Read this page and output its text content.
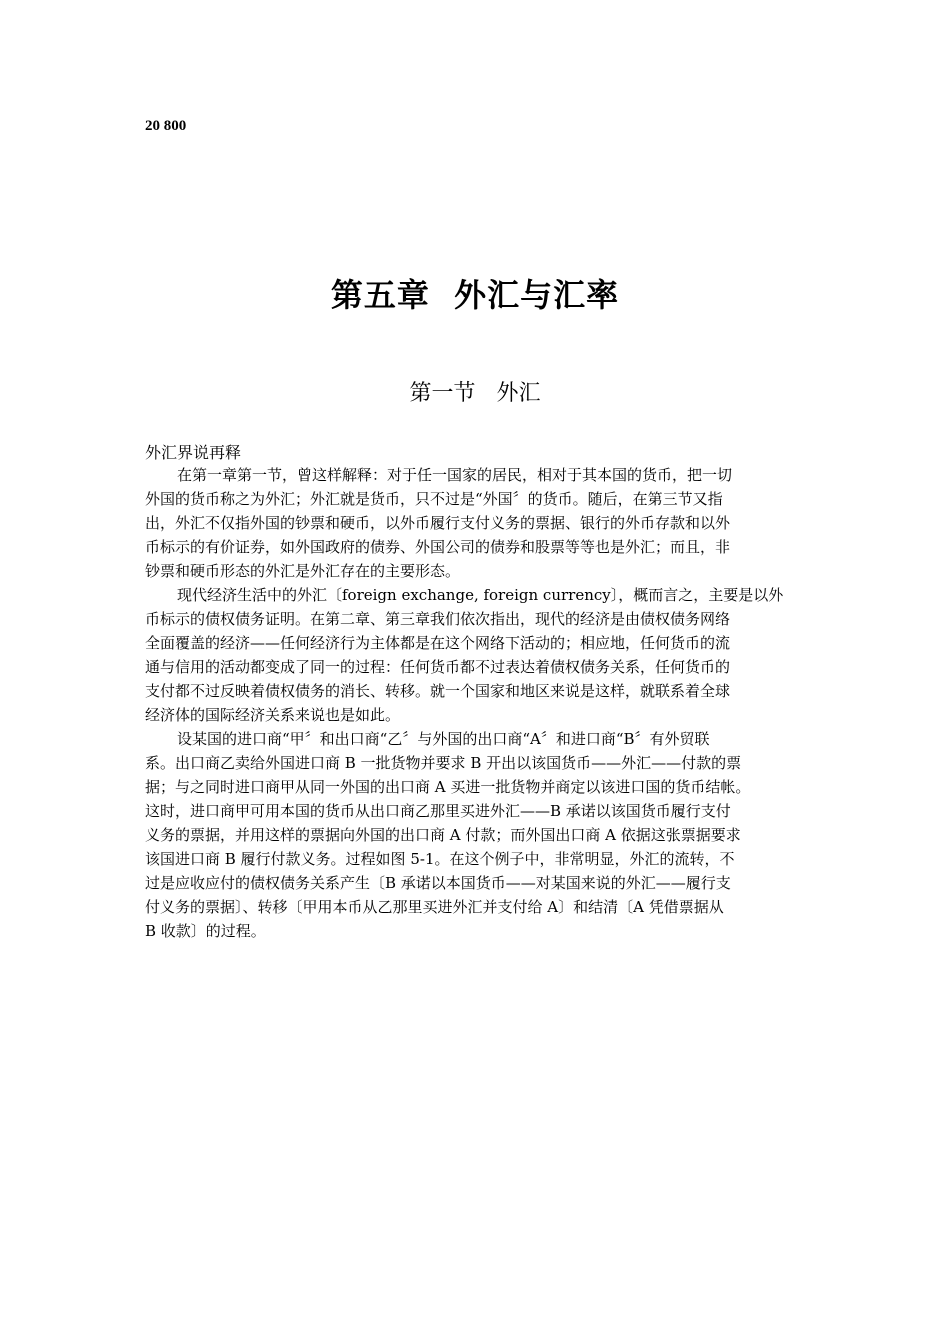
20 800
第五章  外汇与汇率
第一节   外汇
外汇界说再释
在第一章第一节，曾这样解释：对于任一国家的居民，相对于其本国的货币，把一切
外国的货币称之为外汇；外汇就是货币，只不过是“外国〞的货币。随后，在第三节又指
出，外汇不仅指外国的钞票和硬币，以外币履行支付义务的票据、银行的外币存款和以外
币标示的有价证券，如外国政府的债券、外国公司的债券和股票等等也是外汇；而且，非
钞票和硬币形态的外汇是外汇存在的主要形态。
现代经济生活中的外汇〔foreign exchange, foreign currency〕，概而言之，主要是以外
币标示的债权债务证明。在第二章、第三章我们依次指出，现代的经济是由债权债务网络
全面覆盖的经济——任何经济行为主体都是在这个网络下活动的；相应地，任何货币的流
通与信用的活动都变成了同一的过程：任何货币都不过表达着债权债务关系，任何货币的
支付都不过反映着债权债务的消长、转移。就一个国家和地区来说是这样，就联系着全球
经济体的国际经济关系来说也是如此。
设某国的进口商“甲〞和出口商“乙〞与外国的出口商“A〞和进口商“B〞有外贸联
系。出口商乙卖给外国进口商 B 一批货物并要求 B 开出以该国货币——外汇——付款的票
据；与之同时进口商甲从同一外国的出口商 A 买进一批货物并商定以该进口国的货币结帐。
这时，进口商甲可用本国的货币从出口商乙那里买进外汇——B 承诺以该国货币履行支付
义务的票据，并用这样的票据向外国的出口商 A 付款；而外国出口商 A 依据这张票据要求
该国进口商 B 履行付款义务。过程如图 5-1。在这个例子中，非常明显，外汇的流转，不
过是应收应付的债权债务关系产生〔B 承诺以本国货币——对某国来说的外汇——履行支
付义务的票据〕、转移〔甲用本币从乙那里买进外汇并支付给 A〕和结清〔A 凭借票据从
B 收款〕的过程。
